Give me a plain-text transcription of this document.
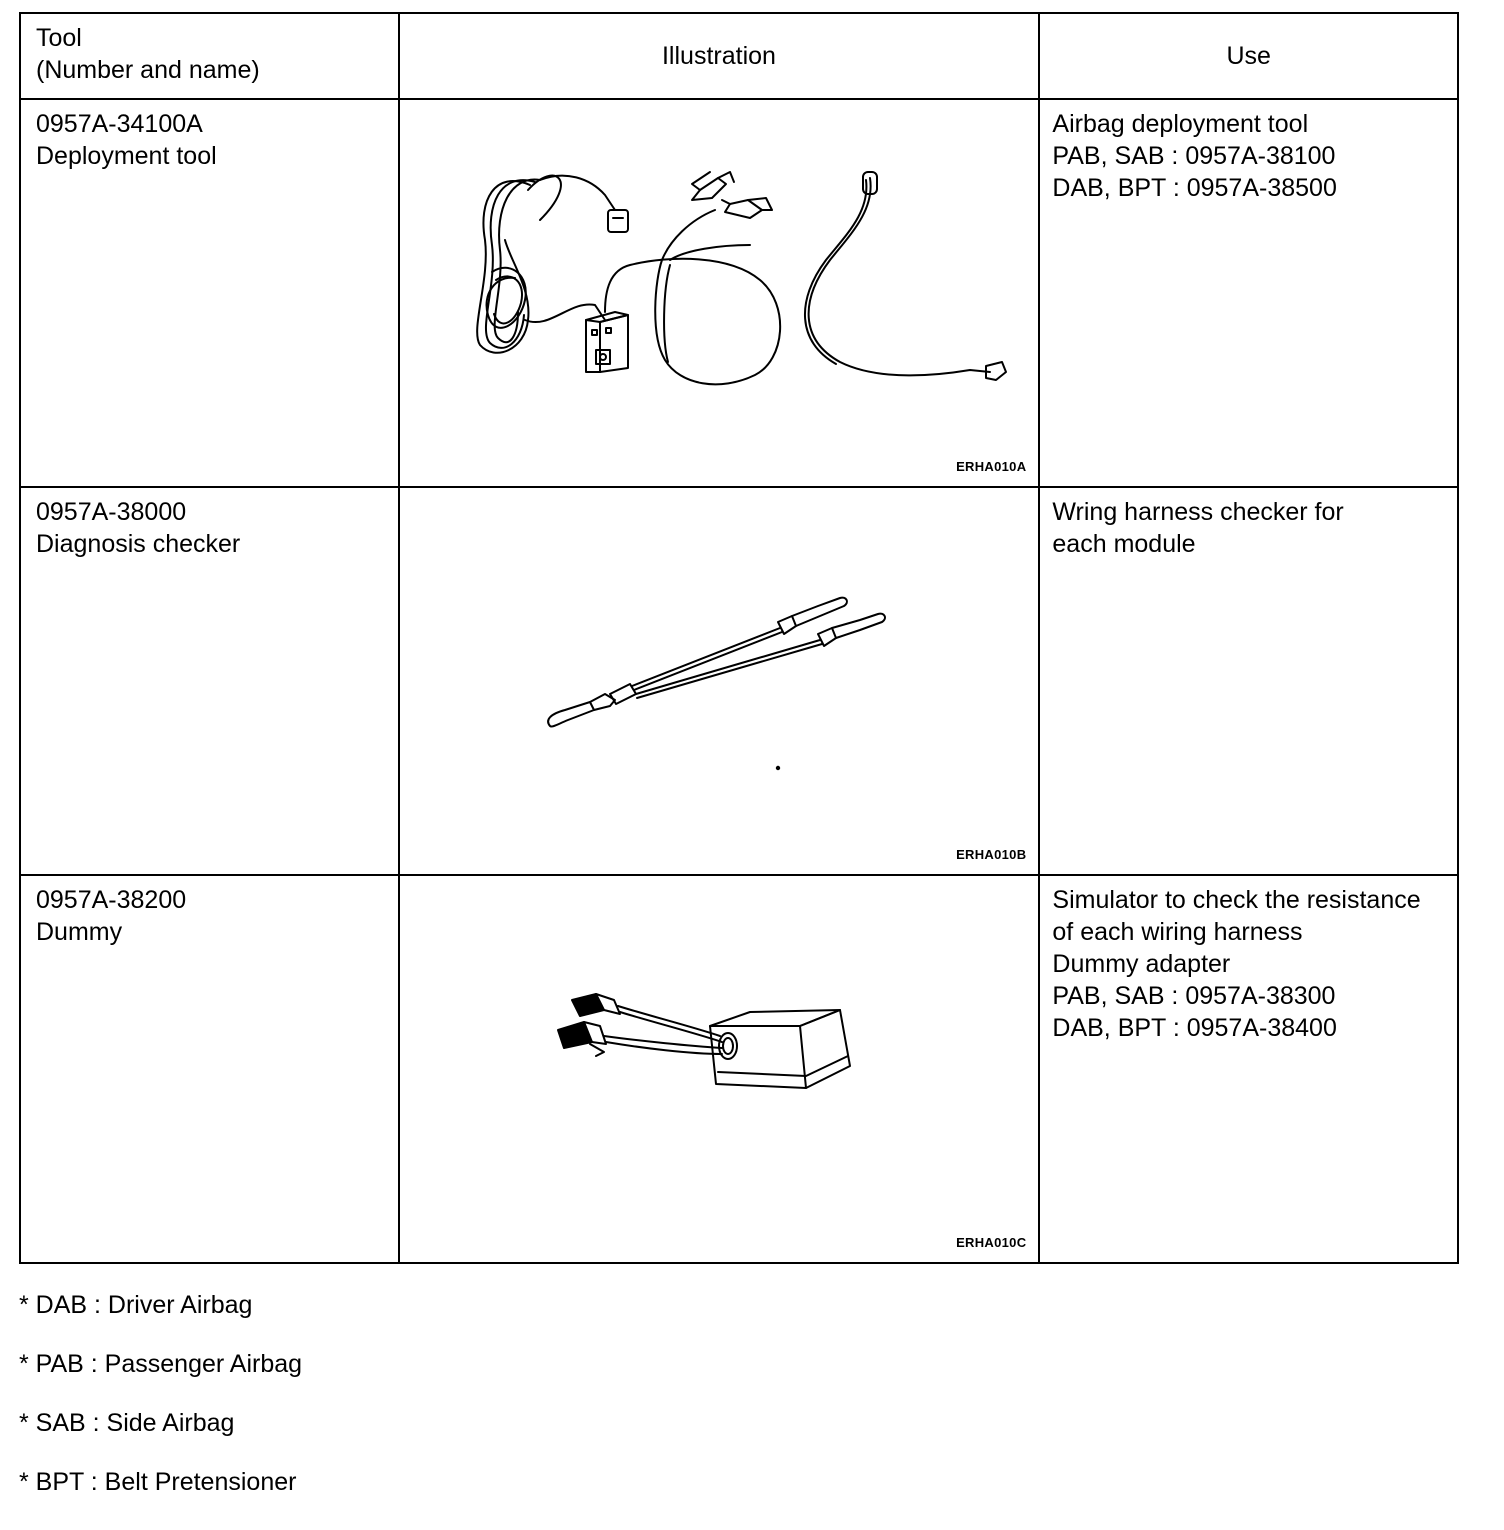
Tool
(Number and name)	Illustration	Use

0957A-34100A
Deployment tool	ERHA010A	Airbag deployment tool
PAB, SAB : 0957A-38100
DAB, BPT : 0957A-38500

0957A-38000
Diagnosis checker	ERHA010B	Wring harness checker for
each module

0957A-38200
Dummy	ERHA010C	Simulator to check the resistance
of each wiring harness
Dummy adapter
PAB, SAB : 0957A-38300
DAB, BPT : 0957A-38400
* DAB : Driver Airbag
* PAB : Passenger Airbag
* SAB : Side Airbag
* BPT : Belt Pretensioner
